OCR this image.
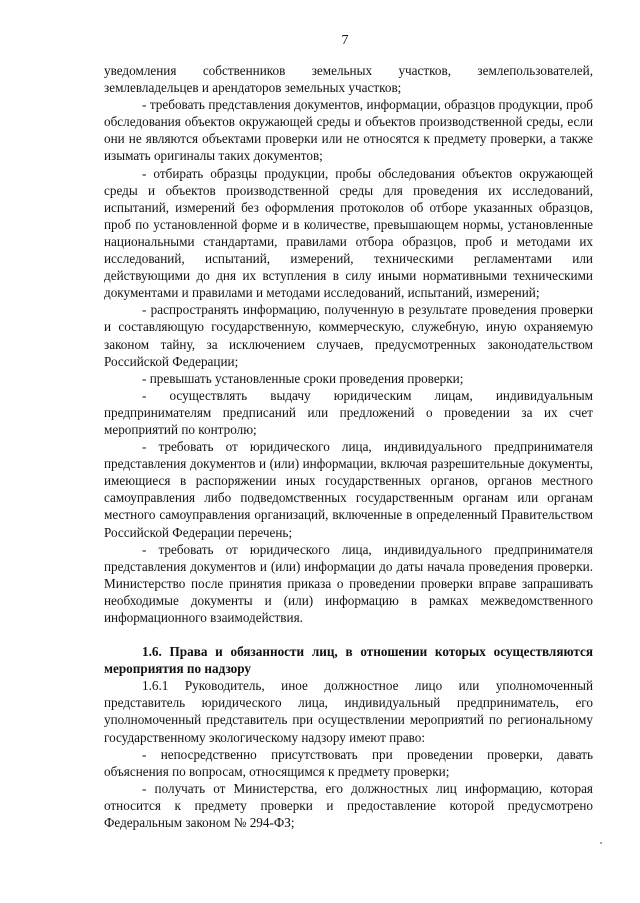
7

уведомления собственников земельных участков, землепользователей, землевладельцев и арендаторов земельных участков;

- требовать представления документов, информации, образцов продукции, проб обследования объектов окружающей среды и объектов производственной среды, если они не являются объектами проверки или не относятся к предмету проверки, а также изымать оригиналы таких документов;

- отбирать образцы продукции, пробы обследования объектов окружающей среды и объектов производственной среды для проведения их исследований, испытаний, измерений без оформления протоколов об отборе указанных образцов, проб по установленной форме и в количестве, превышающем нормы, установленные национальными стандартами, правилами отбора образцов, проб и методами их исследований, испытаний, измерений, техническими регламентами или действующими до дня их вступления в силу иными нормативными техническими документами и правилами и методами исследований, испытаний, измерений;

- распространять информацию, полученную в результате проведения проверки и составляющую государственную, коммерческую, служебную, иную охраняемую законом тайну, за исключением случаев, предусмотренных законодательством Российской Федерации;

- превышать установленные сроки проведения проверки;

- осуществлять выдачу юридическим лицам, индивидуальным предпринимателям предписаний или предложений о проведении за их счет мероприятий по контролю;

- требовать от юридического лица, индивидуального предпринимателя представления документов и (или) информации, включая разрешительные документы, имеющиеся в распоряжении иных государственных органов, органов местного самоуправления либо подведомственных государственным органам или органам местного самоуправления организаций, включенные в определенный Правительством Российской Федерации перечень;

- требовать от юридического лица, индивидуального предпринимателя представления документов и (или) информации до даты начала проведения проверки. Министерство после принятия приказа о проведении проверки вправе запрашивать необходимые документы и (или) информацию в рамках межведомственного информационного взаимодействия.

1.6. Права и обязанности лиц, в отношении которых осуществляются мероприятия по надзору

1.6.1 Руководитель, иное должностное лицо или уполномоченный представитель юридического лица, индивидуальный предприниматель, его уполномоченный представитель при осуществлении мероприятий по региональному государственному экологическому надзору имеют право:

- непосредственно присутствовать при проведении проверки, давать объяснения по вопросам, относящимся к предмету проверки;

- получать от Министерства, его должностных лиц информацию, которая относится к предмету проверки и предоставление которой предусмотрено Федеральным законом № 294-ФЗ;
